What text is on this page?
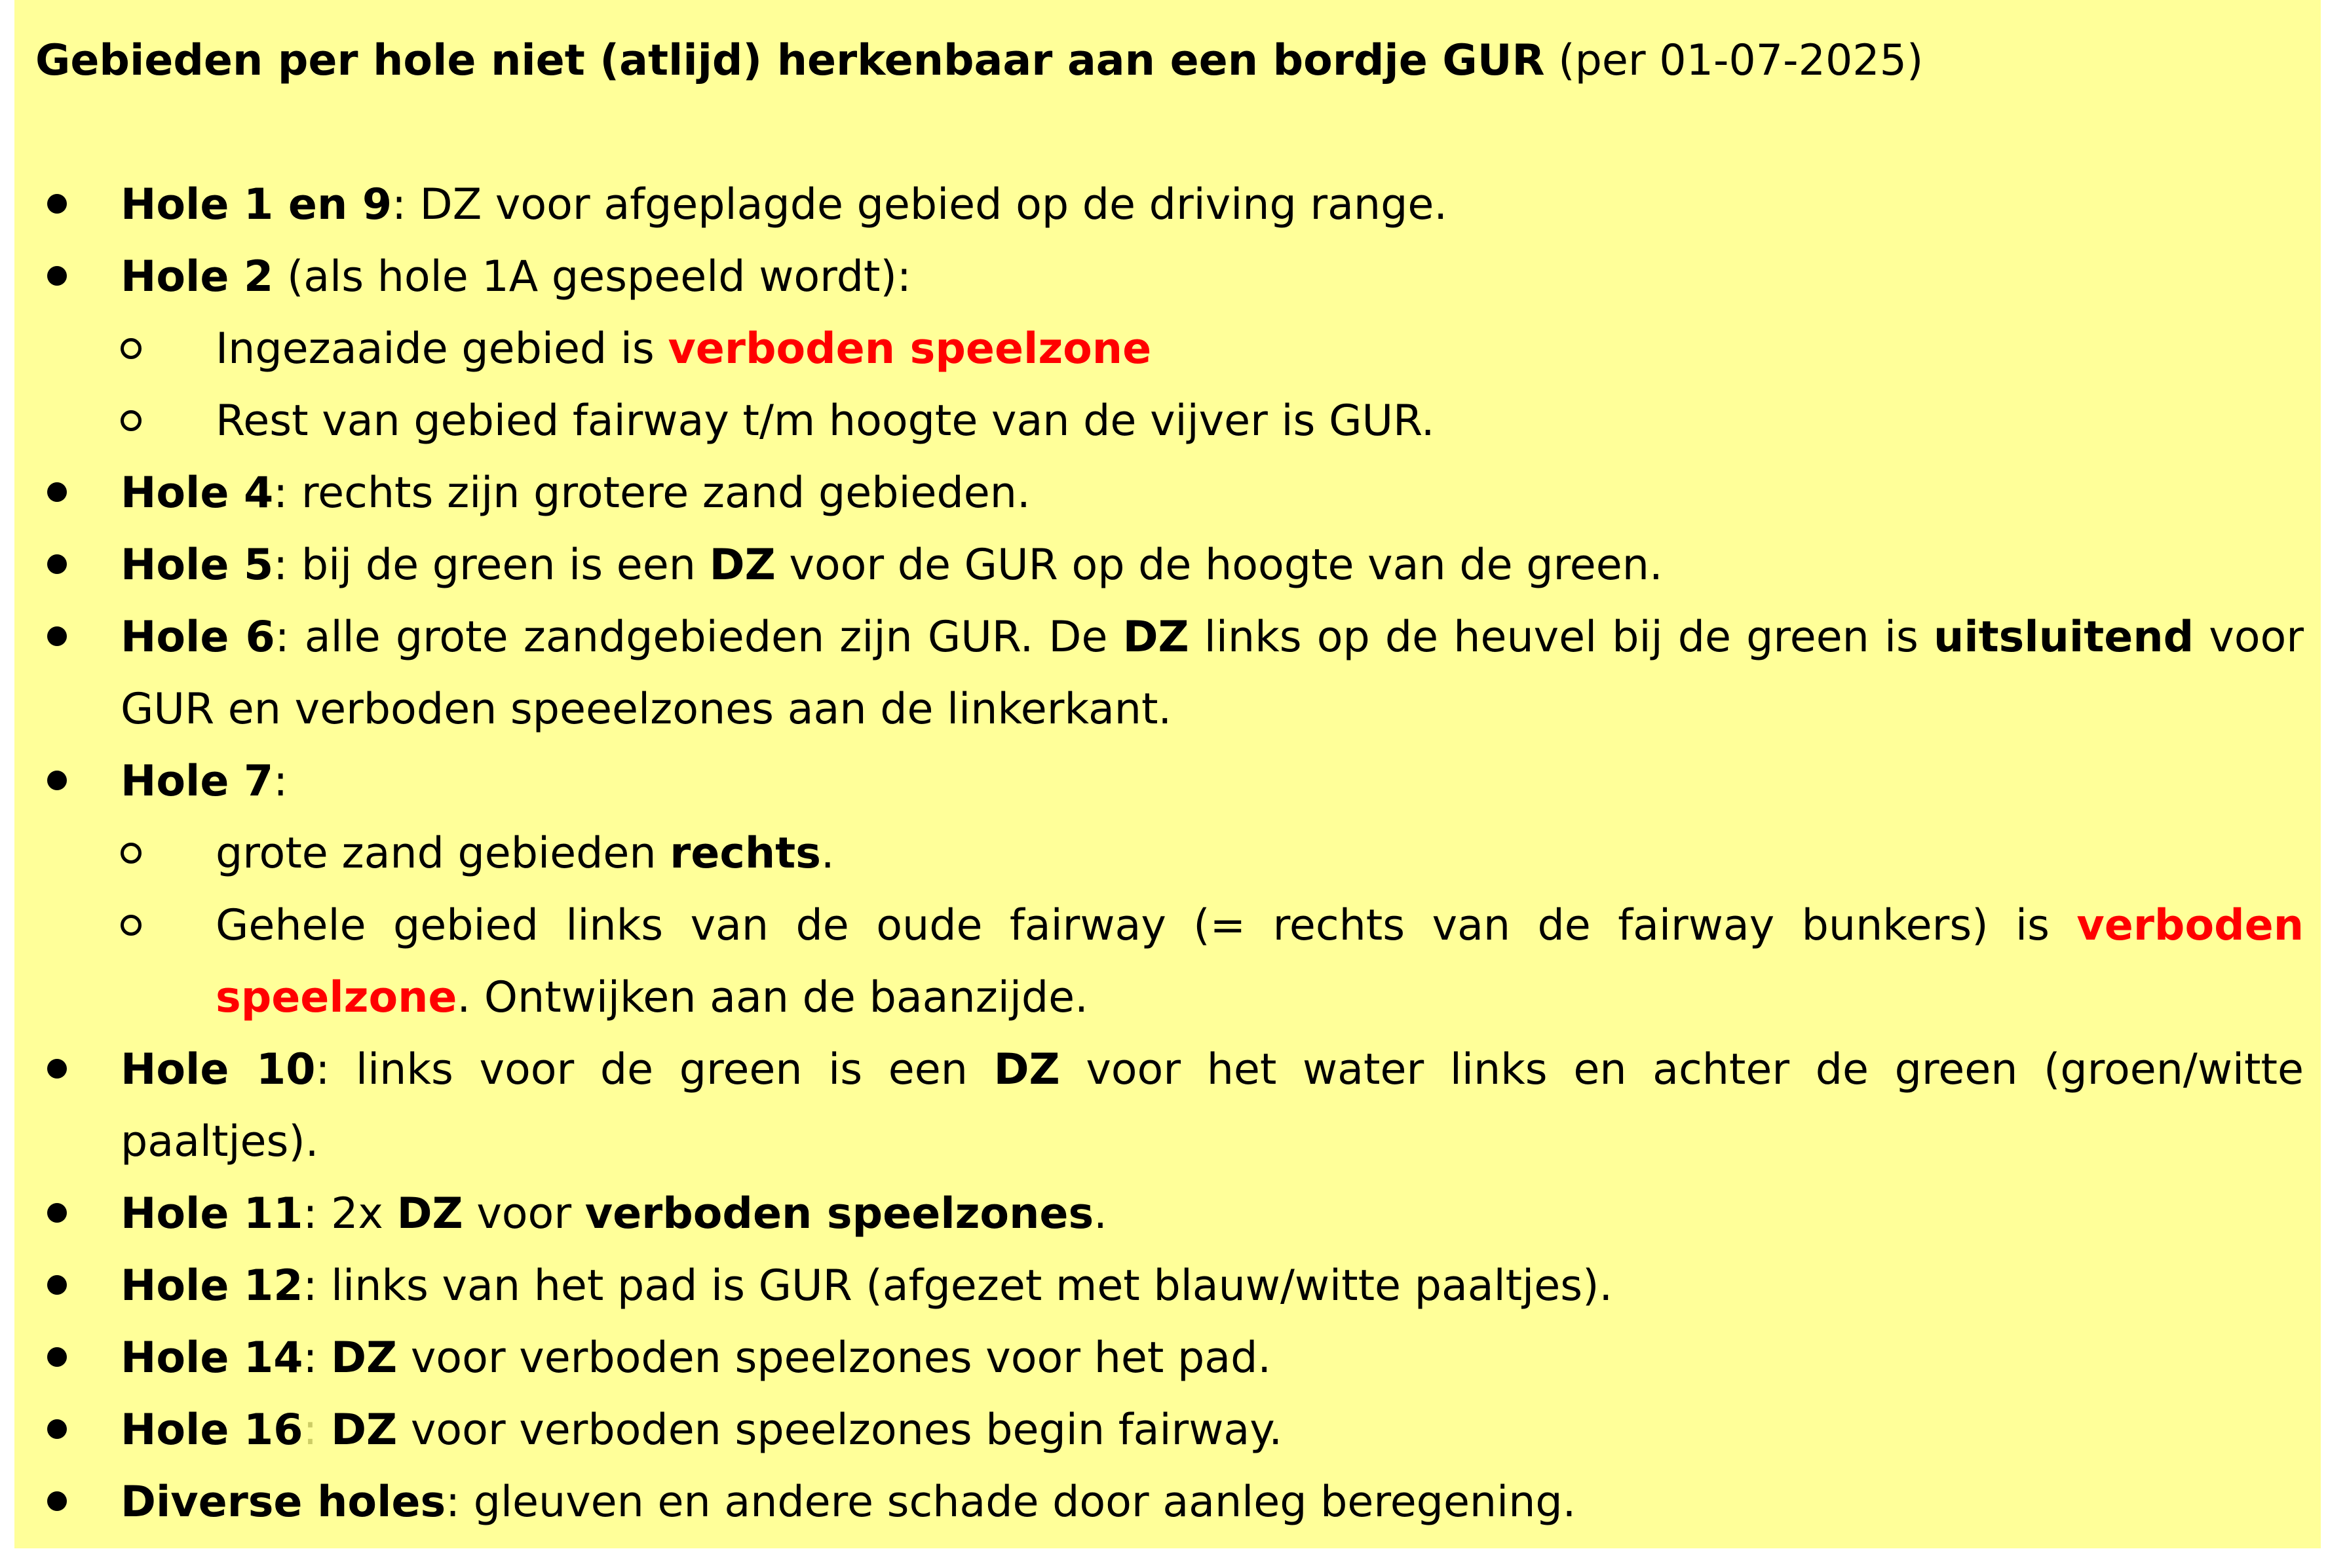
Gebieden per hole niet (atlijd) herkenbaar aan een bordje GUR (per 01-07-2025)

Hole 1 en 9: DZ voor afgeplagde gebied op de driving range.
Hole 2 (als hole 1A gespeeld wordt):
Ingezaaide gebied is verboden speelzone
Rest van gebied fairway t/m hoogte van de vijver is GUR.
Hole 4: rechts zijn grotere zand gebieden.
Hole 5: bij de green is een DZ voor de GUR op de hoogte van de green.
Hole 6: alle grote zandgebieden zijn GUR. De DZ links op de heuvel bij de green is uitsluitend voor GUR en verboden speeelzones aan de linkerkant.
Hole 7:
grote zand gebieden rechts.
Gehele gebied links van de oude fairway (= rechts van de fairway bunkers) is verboden speelzone. Ontwijken aan de baanzijde.
Hole 10: links voor de green is een DZ voor het water links en achter de green (groen/witte paaltjes).
Hole 11: 2x DZ voor verboden speelzones.
Hole 12: links van het pad is GUR (afgezet met blauw/witte paaltjes).
Hole 14: DZ voor verboden speelzones voor het pad.
Hole 16: DZ voor verboden speelzones begin fairway.
Diverse holes: gleuven en andere schade door aanleg beregening.
